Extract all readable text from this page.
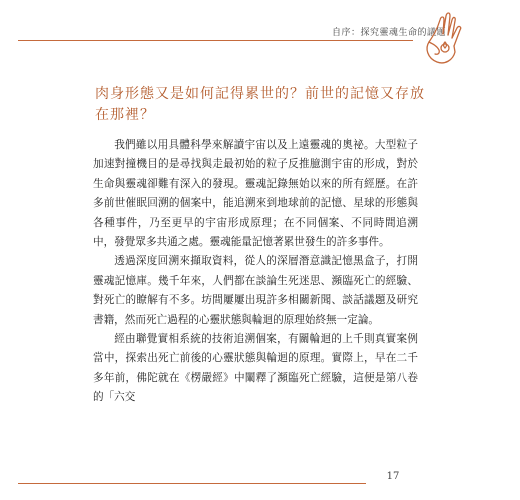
自序：探究靈魂生命的議題
肉身形態又是如何記得累世的？前世的記憶又存放在那裡？

我們雖以用具體科學來解讀宇宙以及上遠靈魂的奧祕。大型粒子加速對撞機目的是尋找與走最初始的粒子反推臆測宇宙的形成，對於生命與靈魂卻難有深入的發現。靈魂記錄無始以來的所有經歷。在許多前世催眠回溯的個案中，能追溯來到地球前的記憶、星球的形態與各種事件，乃至更早的宇宙形成原理；在不同個案、不同時間追溯中，發覺眾多共通之處。靈魂能量記憶著累世發生的許多事件。

透過深度回溯來擷取資料，從人的深層潛意識記憶黑盒子，打開靈魂記憶庫。幾千年來，人們都在談論生死迷思、瀕臨死亡的經驗、對死亡的瞭解有不多。坊間屢屢出現許多相關新聞、談話議題及研究書籍，然而死亡過程的心靈狀態與輪迴的原理始終無一定論。

經由聯覺實相系統的技術追溯個案，有關輪迴的上千則真實案例當中，探索出死亡前後的心靈狀態與輪迴的原理。實際上，早在二千多年前，佛陀就在《楞嚴經》中闡釋了瀕臨死亡經驗，這便是第八卷的「六交

17
